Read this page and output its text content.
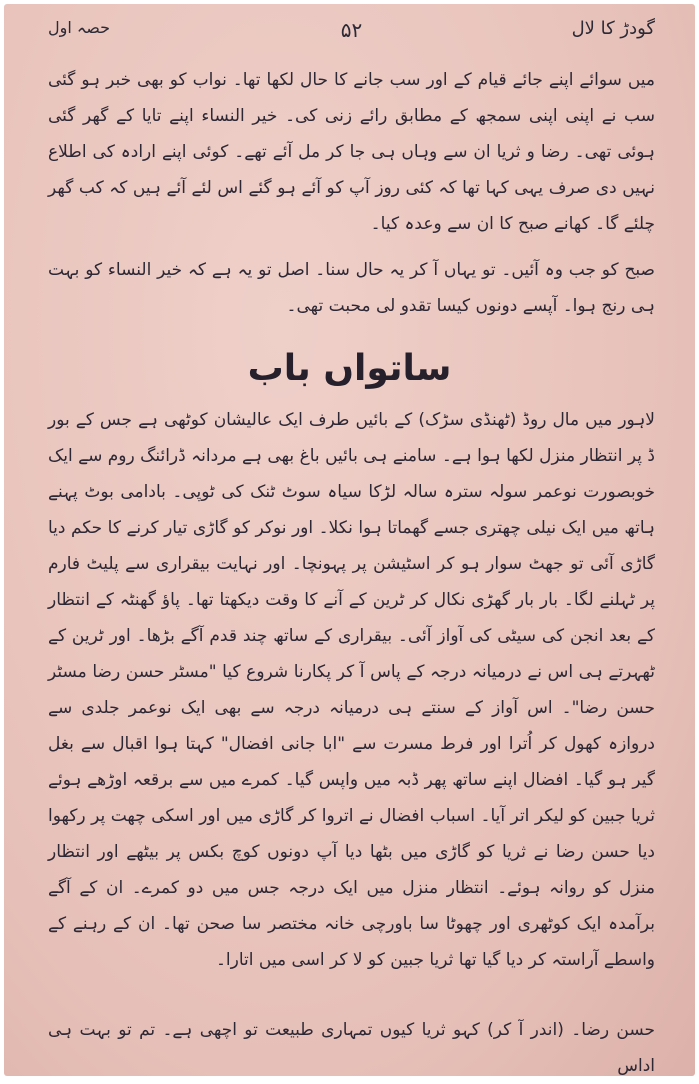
حصہ اول	۵۲	گودڑ کا لال
میں سوائے اپنے جائے قیام کے اور سب جانے کا حال لکھا تھا۔ نواب کو بھی خبر ہو گئی سب نے اپنی اپنی سمجھ کے مطابق رائے زنی کی۔ خیر النساء اپنے تایا کے گھر گئی ہوئی تھی۔ رضا و ثریا ان سے وہاں ہی جا کر مل آئے تھے۔ کوئی اپنے ارادہ کی اطلاع نہیں دی صرف یہی کہا تھا کہ کئی روز آپ کو آئے ہو گئے اس لئے آئے ہیں کہ کب گھر چلئے گا۔ کھانے صبح کا ان سے وعدہ کیا۔
صبح کو جب وہ آئیں۔ تو یہاں آ کر یہ حال سنا۔ اصل تو یہ ہے کہ خیر النساء کو بہت ہی رنج ہوا۔ آپسے دونوں کیسا تقدو لی محبت تھی۔
ساتواں باب
لاہور میں مال روڈ (ٹھنڈی سڑک) کے بائیں طرف ایک عالیشان کوٹھی ہے جس کے بور ڈ پر انتظار منزل لکھا ہوا ہے۔ سامنے ہی بائیں باغ بھی ہے مردانہ ڈرائنگ روم سے ایک خوبصورت نوعمر سولہ سترہ سالہ لڑکا سیاہ سوٹ ٹنک کی ٹوپی۔ بادامی بوٹ پہنے ہاتھ میں ایک نیلی چھتری جسے گھماتا ہوا نکلا۔ اور نوکر کو گاڑی تیار کرنے کا حکم دیا گاڑی آئی تو جھٹ سوار ہو کر اسٹیشن پر پہونچا۔ اور نہایت بیقراری سے پلیٹ فارم پر ٹہلنے لگا۔ بار بار گھڑی نکال کر ٹرین کے آنے کا وقت دیکھتا تھا۔ پاؤ گھنٹہ کے انتظار کے بعد انجن کی سیٹی کی آواز آئی۔ بیقراری کے ساتھ چند قدم آگے بڑھا۔ اور ٹرین کے ٹھہرتے ہی اس نے درمیانہ درجہ کے پاس آ کر پکارنا شروع کیا "مسٹر حسن رضا مسٹر حسن رضا"۔ اس آواز کے سنتے ہی درمیانہ درجہ سے بھی ایک نوعمر جلدی سے دروازہ کھول کر اُترا اور فرط مسرت سے "ابا جانی افضال" کہتا ہوا اقبال سے بغل گیر ہو گیا۔ افضال اپنے ساتھ پھر ڈبہ میں واپس گیا۔ کمرے میں سے برقعہ اوڑھے ہوئے ثریا جبین کو لیکر اتر آیا۔ اسباب افضال نے اتروا کر گاڑی میں اور اسکی چھت پر رکھوا دیا حسن رضا نے ثریا کو گاڑی میں بٹھا دیا آپ دونوں کوچ بکس پر بیٹھے اور انتظار منزل کو روانہ ہوئے۔ انتظار منزل میں ایک درجہ جس میں دو کمرے۔ ان کے آگے برآمدہ ایک کوٹھری اور چھوٹا سا باورچی خانہ مختصر سا صحن تھا۔ ان کے رہنے کے واسطے آراستہ کر دیا گیا تھا ثریا جبین کو لا کر اسی میں اتارا۔
حسن رضا۔ (اندر آ کر) کہو ثریا کیوں تمہاری طبیعت تو اچھی ہے۔ تم تو بہت ہی اداس
